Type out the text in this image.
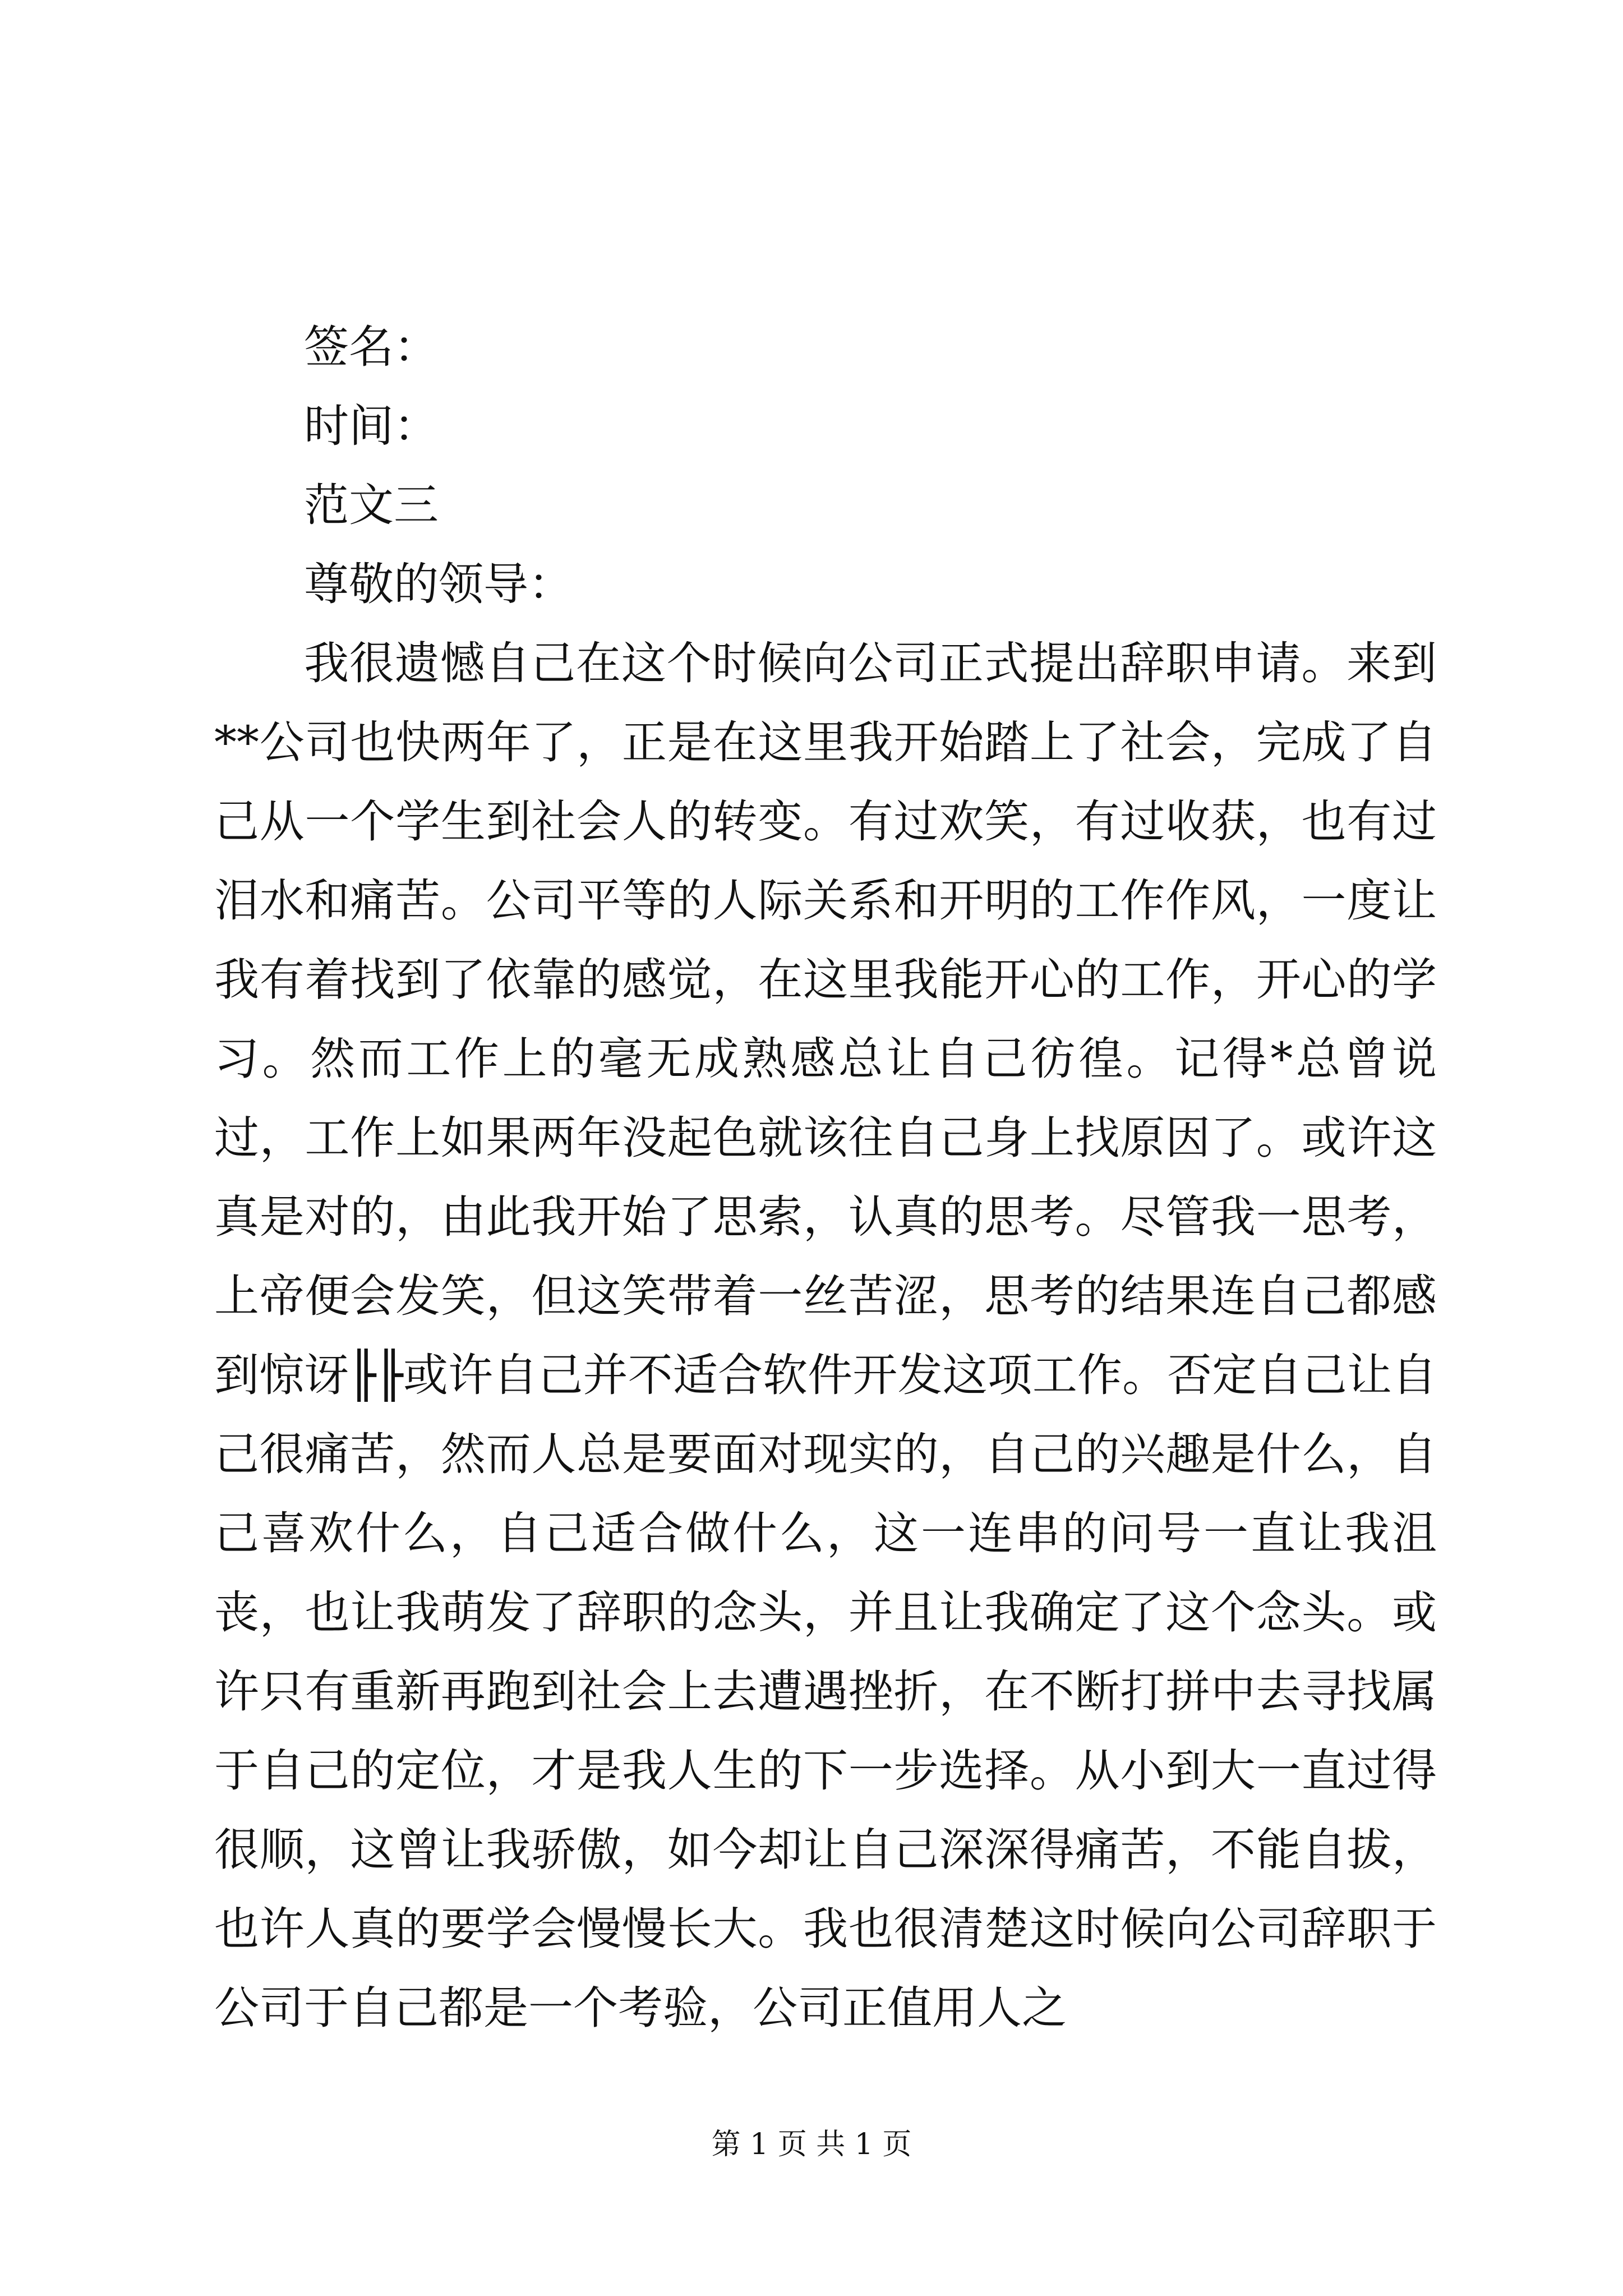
签名：
时间：
范文三
尊敬的领导：
我很遗憾自己在这个时候向公司正式提出辞职申请。来到**公司也快两年了，正是在这里我开始踏上了社会，完成了自己从一个学生到社会人的转变。有过欢笑，有过收获，也有过泪水和痛苦。公司平等的人际关系和开明的工作作风，一度让我有着找到了依靠的感觉，在这里我能开心的工作，开心的学习。然而工作上的毫无成熟感总让自己彷徨。记得*总曾说过，工作上如果两年没起色就该往自己身上找原因了。或许这真是对的，由此我开始了思索，认真的思考。尽管我一思考，上帝便会发笑，但这笑带着一丝苦涩，思考的结果连自己都感到惊讶╟╟或许自己并不适合软件开发这项工作。否定自己让自己很痛苦，然而人总是要面对现实的，自己的兴趣是什么，自己喜欢什么，自己适合做什么，这一连串的问号一直让我沮丧，也让我萌发了辞职的念头，并且让我确定了这个念头。或许只有重新再跑到社会上去遭遇挫折，在不断打拼中去寻找属于自己的定位，才是我人生的下一步选择。从小到大一直过得很顺，这曾让我骄傲，如今却让自己深深得痛苦，不能自拔，也许人真的要学会慢慢长大。我也很清楚这时候向公司辞职于公司于自己都是一个考验，公司正值用人之
第 1 页 共 1 页
